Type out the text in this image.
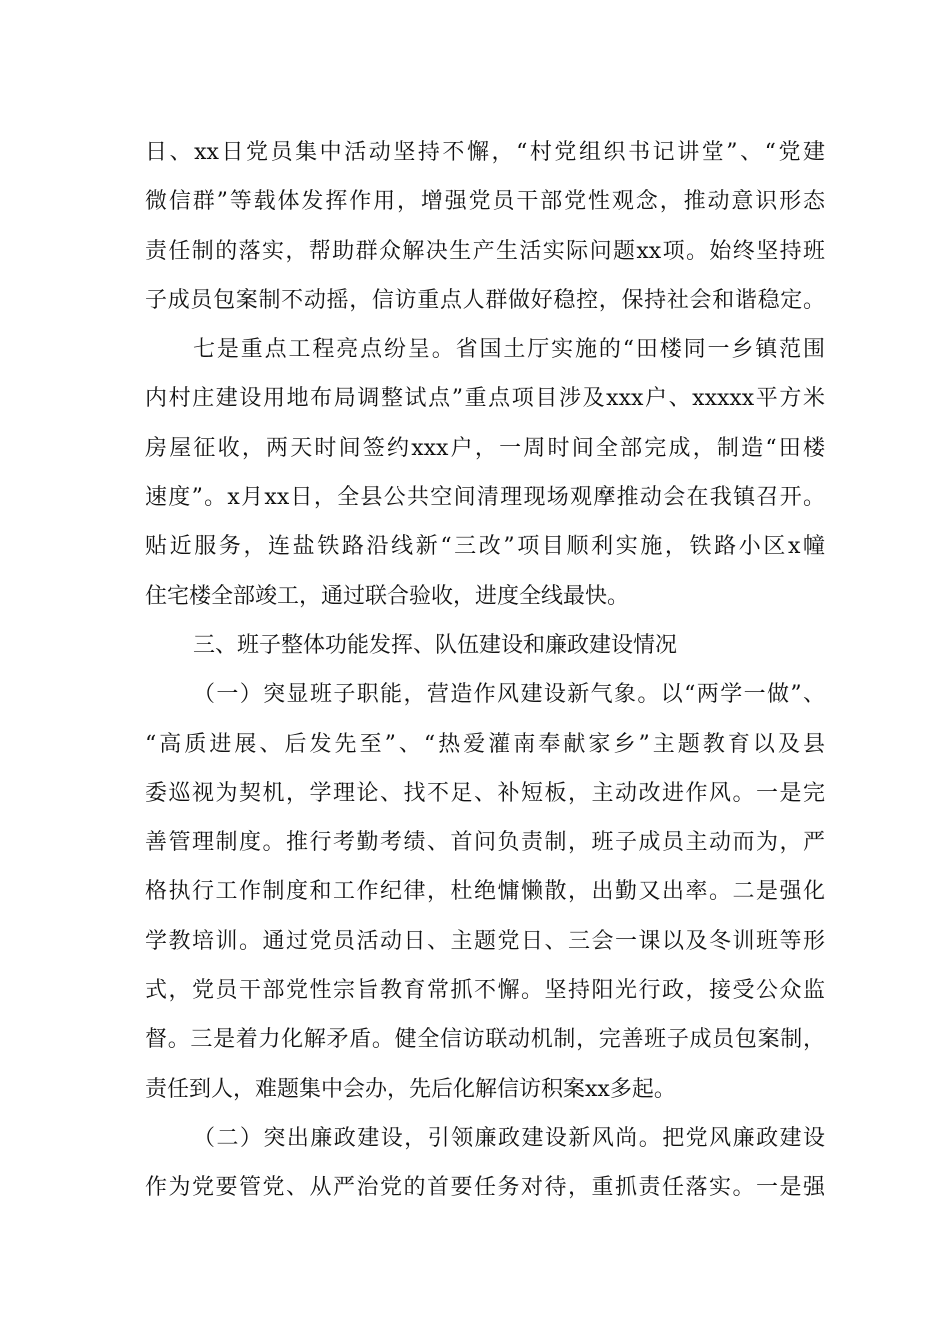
日、xx日党员集中活动坚持不懈，“村党组织书记讲堂”、“党建
微信群”等载体发挥作用，增强党员干部党性观念，推动意识形态
责任制的落实，帮助群众解决生产生活实际问题xx项。始终坚持班
子成员包案制不动摇，信访重点人群做好稳控，保持社会和谐稳定。
七是重点工程亮点纷呈。省国土厅实施的“田楼同一乡镇范围
内村庄建设用地布局调整试点”重点项目涉及xxx户、xxxxx平方米
房屋征收，两天时间签约xxx户，一周时间全部完成，制造“田楼
速度”。x月xx日，全县公共空间清理现场观摩推动会在我镇召开。
贴近服务，连盐铁路沿线新“三改”项目顺利实施，铁路小区x幢
住宅楼全部竣工，通过联合验收，进度全线最快。
三、班子整体功能发挥、队伍建设和廉政建设情况
（一）突显班子职能，营造作风建设新气象。以“两学一做”、
“高质进展、后发先至”、“热爱灌南奉献家乡”主题教育以及县
委巡视为契机，学理论、找不足、补短板，主动改进作风。一是完
善管理制度。推行考勤考绩、首问负责制，班子成员主动而为，严
格执行工作制度和工作纪律，杜绝慵懒散，出勤又出率。二是强化
学教培训。通过党员活动日、主题党日、三会一课以及冬训班等形
式，党员干部党性宗旨教育常抓不懈。坚持阳光行政，接受公众监
督。三是着力化解矛盾。健全信访联动机制，完善班子成员包案制，
责任到人，难题集中会办，先后化解信访积案xx多起。
（二）突出廉政建设，引领廉政建设新风尚。把党风廉政建设
作为党要管党、从严治党的首要任务对待，重抓责任落实。一是强
